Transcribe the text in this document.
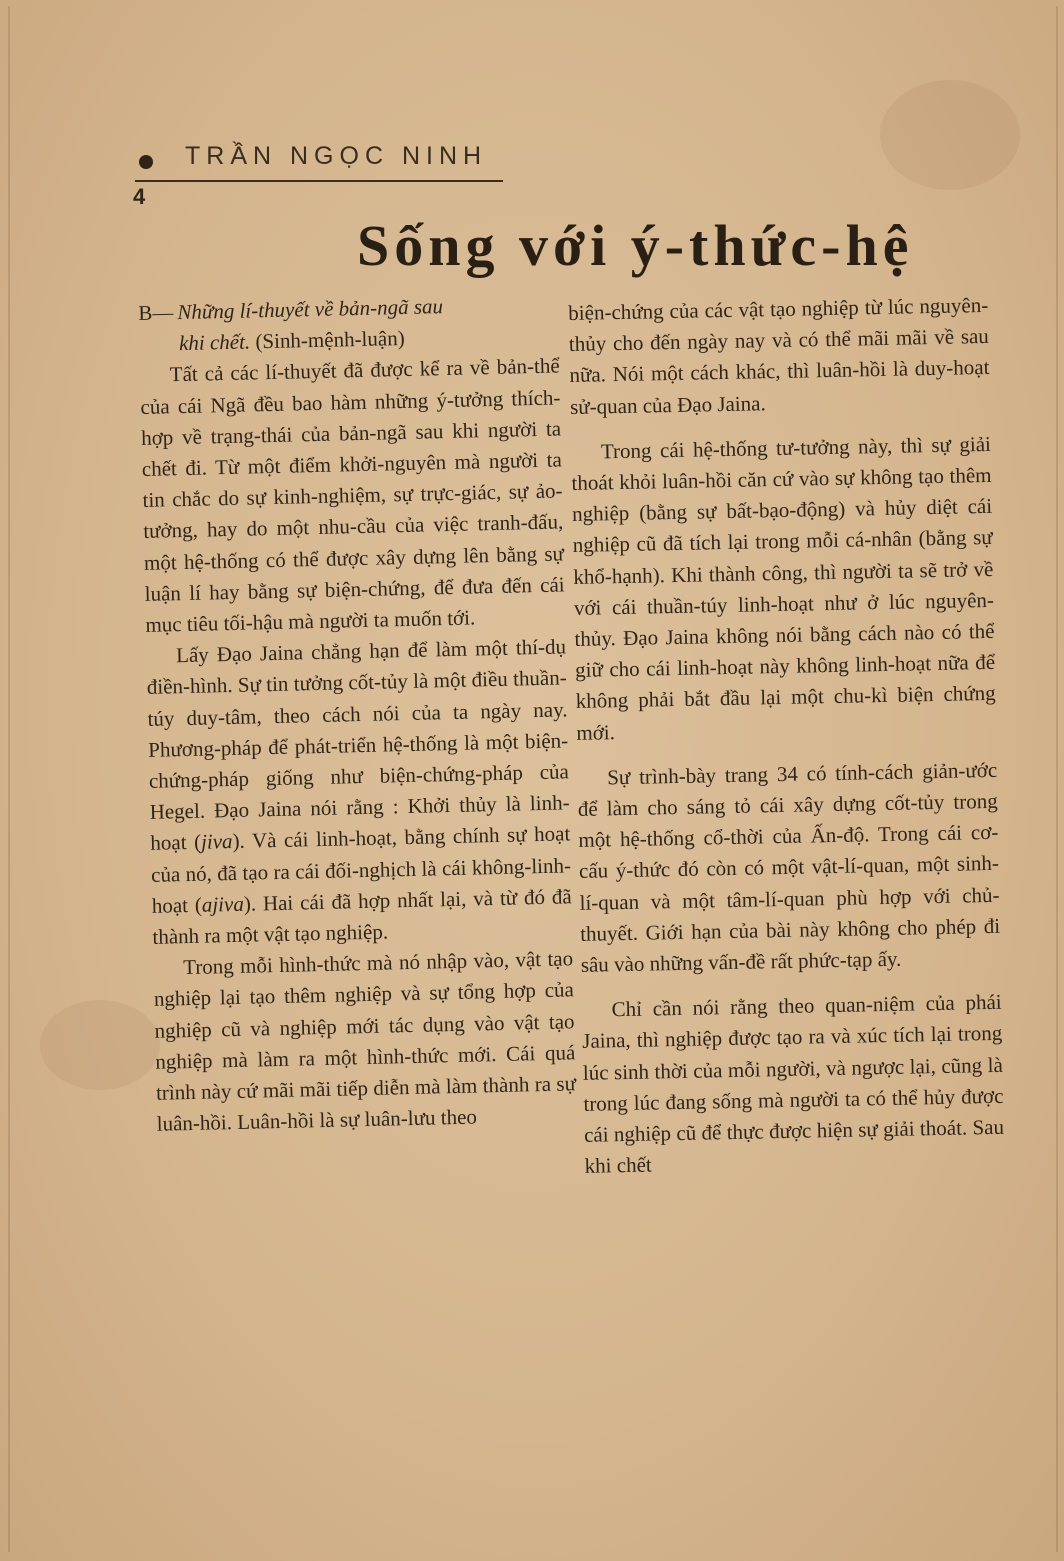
TRẦN NGỌC NINH
4
Sống với ý-thức-hệ

B— Những lí-thuyết về bản-ngã sau
khi chết. (Sinh-mệnh-luận)

Tất cả các lí-thuyết đã được kể ra về bản-thể của cái Ngã đều bao hàm những ý-tưởng thích-hợp về trạng-thái của bản-ngã sau khi người ta chết đi. Từ một điểm khởi-nguyên mà người ta tin chắc do sự kinh-nghiệm, sự trực-giác, sự ảo-tưởng, hay do một nhu-cầu của việc tranh-đấu, một hệ-thống có thể được xây dựng lên bằng sự luận lí hay bằng sự biện-chứng, để đưa đến cái mục tiêu tối-hậu mà người ta muốn tới.

Lấy Đạo Jaina chẳng hạn để làm một thí-dụ điền-hình. Sự tin tưởng cốt-tủy là một điều thuần-túy duy-tâm, theo cách nói của ta ngày nay. Phương-pháp để phát-triển hệ-thống là một biện-chứng-pháp giống như biện-chứng-pháp của Hegel. Đạo Jaina nói rằng : Khởi thủy là linh-hoạt (jiva). Và cái linh-hoạt, bằng chính sự hoạt của nó, đã tạo ra cái đối-nghịch là cái không-linh-hoạt (ajiva). Hai cái đã hợp nhất lại, và từ đó đã thành ra một vật tạo nghiệp.

Trong mỗi hình-thức mà nó nhập vào, vật tạo nghiệp lại tạo thêm nghiệp và sự tổng hợp của nghiệp cũ và nghiệp mới tác dụng vào vật tạo nghiệp mà làm ra một hình-thức mới. Cái quá trình này cứ mãi mãi tiếp diễn mà làm thành ra sự luân-hồi. Luân-hồi là sự luân-lưu theo

biện-chứng của các vật tạo nghiệp từ lúc nguyên-thủy cho đến ngày nay và có thể mãi mãi về sau nữa. Nói một cách khác, thì luân-hồi là duy-hoạt sử-quan của Đạo Jaina.

Trong cái hệ-thống tư-tưởng này, thì sự giải thoát khỏi luân-hồi căn cứ vào sự không tạo thêm nghiệp (bằng sự bất-bạo-động) và hủy diệt cái nghiệp cũ đã tích lại trong mỗi cá-nhân (bằng sự khổ-hạnh). Khi thành công, thì người ta sẽ trở về với cái thuần-túy linh-hoạt như ở lúc nguyên-thủy. Đạo Jaina không nói bằng cách nào có thể giữ cho cái linh-hoạt này không linh-hoạt nữa để không phải bắt đầu lại một chu-kì biện chứng mới.

Sự trình-bày trang 34 có tính-cách giản-ước để làm cho sáng tỏ cái xây dựng cốt-tủy trong một hệ-thống cổ-thời của Ấn-độ. Trong cái cơ-cấu ý-thức đó còn có một vật-lí-quan, một sinh-lí-quan và một tâm-lí-quan phù hợp với chủ-thuyết. Giới hạn của bài này không cho phép đi sâu vào những vấn-đề rất phức-tạp ấy.

Chỉ cần nói rằng theo quan-niệm của phái Jaina, thì nghiệp được tạo ra và xúc tích lại trong lúc sinh thời của mỗi người, và ngược lại, cũng là trong lúc đang sống mà người ta có thể hủy được cái nghiệp cũ để thực được hiện sự giải thoát. Sau khi chết
